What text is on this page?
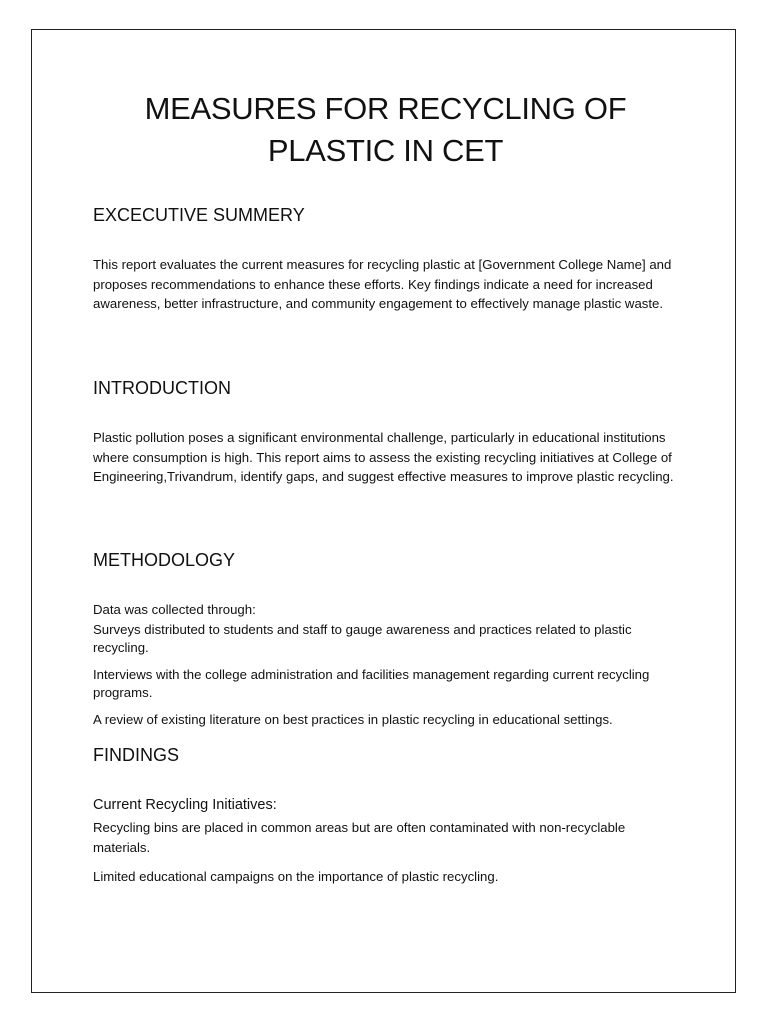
MEASURES FOR RECYCLING OF PLASTIC IN CET
EXCECUTIVE SUMMERY

This report evaluates the current measures for recycling plastic at [Government College Name] and proposes recommendations to enhance these efforts. Key findings indicate a need for increased awareness, better infrastructure, and community engagement to effectively manage plastic waste.

INTRODUCTION

Plastic pollution poses a significant environmental challenge, particularly in educational institutions where consumption is high. This report aims to assess the existing recycling initiatives at College of Engineering,Trivandrum, identify gaps, and suggest effective measures to improve plastic recycling.

METHODOLOGY

Data was collected through:

Surveys distributed to students and staff to gauge awareness and practices related to plastic recycling.

Interviews with the college administration and facilities management regarding current recycling programs.

A review of existing literature on best practices in plastic recycling in educational settings.

FINDINGS

Current Recycling Initiatives:

Recycling bins are placed in common areas but are often contaminated with non-recyclable materials.

Limited educational campaigns on the importance of plastic recycling.
